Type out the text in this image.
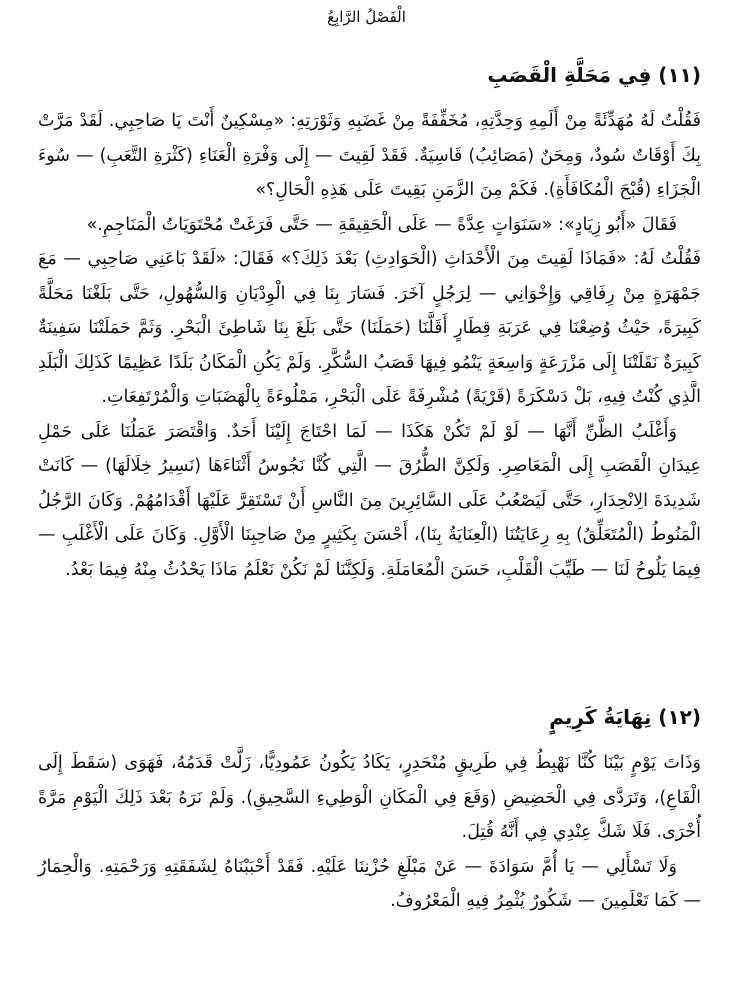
الْفَصْلُ الرَّابِعُ
(١١) فِي مَحَلَّةِ الْقَصَبِ

فَقُلْتُ لَهُ مُهَدِّئَةً مِنْ أَلَمِهِ وَحِدَّتِهِ، مُخَفِّفَةً مِنْ غَضَبِهِ وَثَوْرَتِهِ: «مِسْكِينٌ أَنْتَ يَا صَاحِبِي. لَقَدْ مَرَّتْ بِكَ أَوْقَاتٌ سُودٌ، وَمِحَنٌ (مَصَائِبُ) قَاسِيَةٌ. فَقَدْ لَقِيتَ — إِلَى وَفْرَةِ الْعَنَاءِ (كَثْرَةِ التَّعَبِ) — سُوءَ الْجَزَاءِ (قُبْحَ الْمُكَافَأَةِ). فَكَمْ مِنَ الزَّمَنِ بَقِيتَ عَلَى هَذِهِ الْحَالِ؟»

فَقَالَ «أَبُو زِيَادٍ»: «سَنَوَاتٍ عِدَّةً — عَلَى الْحَقِيقَةِ — حَتَّى فَرَغَتْ مُحْتَوَيَاتُ الْمَنَاجِمِ.»

فَقُلْتُ لَهُ: «فَمَاذَا لَقِيتَ مِنَ الْأَحْدَاثِ (الْحَوَادِثِ) بَعْدَ ذَلِكَ؟» فَقَالَ: «لَقَدْ بَاعَنِي صَاحِبِي — مَعَ جَمْهَرَةٍ مِنْ رِفَاقِي وَإِخْوَانِي — لِرَجُلٍ آخَرَ. فَسَارَ بِنَا فِي الْوِدْيَانِ وَالسُّهُولِ، حَتَّى بَلَغْنَا مَحَلَّةً كَبِيرَةً، حَيْثُ وُضِعْنَا فِي عَرَبَةِ قِطَارٍ أَقَلَّنَا (حَمَلَنَا) حَتَّى بَلَغَ بِنَا شَاطِئَ الْبَحْرِ. وَثَمَّ حَمَلَتْنَا سَفِينَةٌ كَبِيرَةٌ نَقَلَتْنَا إِلَى مَزْرَعَةٍ وَاسِعَةٍ يَنْمُو فِيهَا قَصَبُ السُّكَّرِ. وَلَمْ يَكُنِ الْمَكَانُ بَلَدًا عَظِيمًا كَذَلِكَ الْبَلَدِ الَّذِي كُنْتُ فِيهِ، بَلْ دَسْكَرَةً (قَرْيَةً) مُشْرِفَةً عَلَى الْبَحْرِ، مَمْلُوءَةً بِالْهَضَبَاتِ وَالْمُرْتَفِعَاتِ.

وَأَغْلَبُ الظَّنِّ أَنَّهَا — لَوْ لَمْ تَكُنْ هَكَذَا — لَمَا احْتَاجَ إِلَيْنَا أَحَدٌ. وَاقْتَصَرَ عَمَلُنَا عَلَى حَمْلِ عِيدَانِ الْقَصَبِ إِلَى الْمَعَاصِرِ. وَلَكِنَّ الطُّرُقَ — الَّتِي كُنَّا نَجُوسُ أَثْنَاءَهَا (نَسِيرُ خِلَالَهَا) — كَانَتْ شَدِيدَةَ الِانْحِدَارِ، حَتَّى لَيَصْعُبُ عَلَى السَّائِرِينَ مِنَ النَّاسِ أَنْ تَسْتَقِرَّ عَلَيْهَا أَقْدَامُهُمْ. وَكَانَ الرَّجُلُ الْمَنُوطُ (الْمُتَعَلِّقُ) بِهِ رِعَايَتُنَا (الْعِنَايَةُ بِنَا)، أَحْسَنَ بِكَثِيرٍ مِنْ صَاحِبِنَا الْأَوَّلِ. وَكَانَ عَلَى الْأَغْلَبِ — فِيمَا يَلُوحُ لَنَا — طَيِّبَ الْقَلْبِ، حَسَنَ الْمُعَامَلَةِ. وَلَكِنَّنَا لَمْ نَكُنْ نَعْلَمُ مَاذَا يَحْدُثُ مِنْهُ فِيمَا بَعْدُ.

(١٢) نِهَايَةُ كَرِيمٍ

وَذَاتَ يَوْمٍ بَيْنَا كُنَّا نَهْبِطُ فِي طَرِيقٍ مُنْحَدِرٍ، يَكَادُ يَكُونُ عَمُودِيًّا، زَلَّتْ قَدَمُهُ، فَهَوَى (سَقَطَ إِلَى الْقَاعِ)، وَتَرَدَّى فِي الْحَضِيضِ (وَقَعَ فِي الْمَكَانِ الْوَطِيءِ السَّحِيقِ). وَلَمْ نَرَهُ بَعْدَ ذَلِكَ الْيَوْمِ مَرَّةً أُخْرَى. فَلَا شَكَّ عِنْدِي فِي أَنَّهُ قُتِلَ.

وَلَا تَسْأَلِي — يَا أُمَّ سَوَادَةَ — عَنْ مَبْلَغِ حُزْنِنَا عَلَيْهِ. فَقَدْ أَحْبَبْنَاهُ لِشَفَقَتِهِ وَرَحْمَتِهِ. وَالْحِمَارُ — كَمَا تَعْلَمِينَ — شَكُورٌ يُثْمِرُ فِيهِ الْمَعْرُوفُ.
